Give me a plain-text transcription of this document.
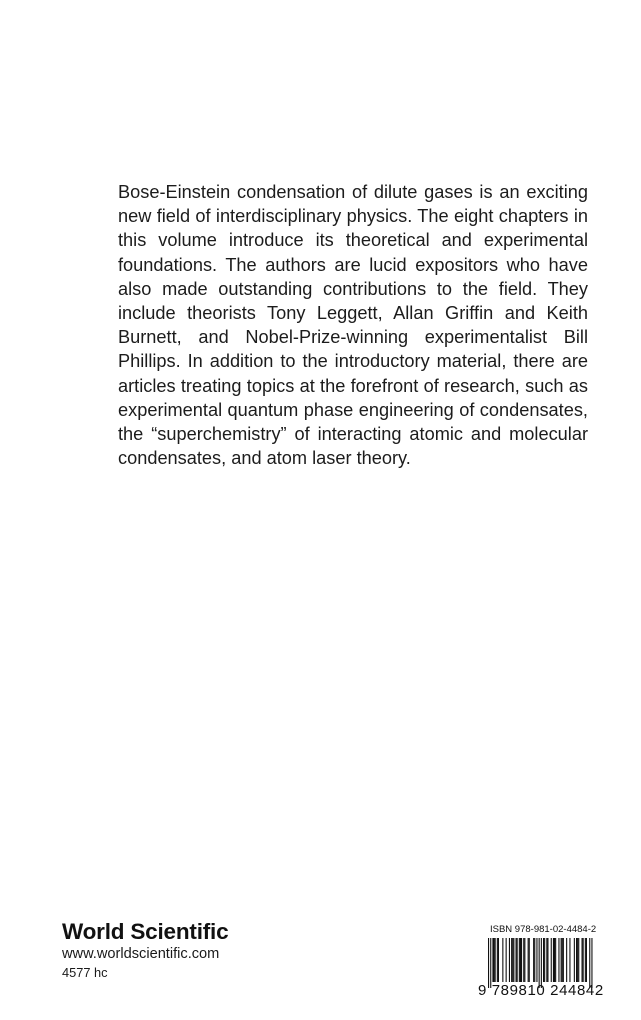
Bose-Einstein condensation of dilute gases is an exciting new field of interdisciplinary physics. The eight chapters in this volume introduce its theoretical and experimental foundations. The authors are lucid expositors who have also made outstanding contributions to the field. They include theorists Tony Leggett, Allan Griffin and Keith Burnett, and Nobel-Prize-winning experimentalist Bill Phillips. In addition to the introductory material, there are articles treating topics at the forefront of research, such as experimental quantum phase engineering of condensates, the “superchemistry” of interacting atomic and molecular condensates, and atom laser theory.

World Scientific
www.worldscientific.com
4577 hc
ISBN 978-981-02-4484-2
9 789810 244842
